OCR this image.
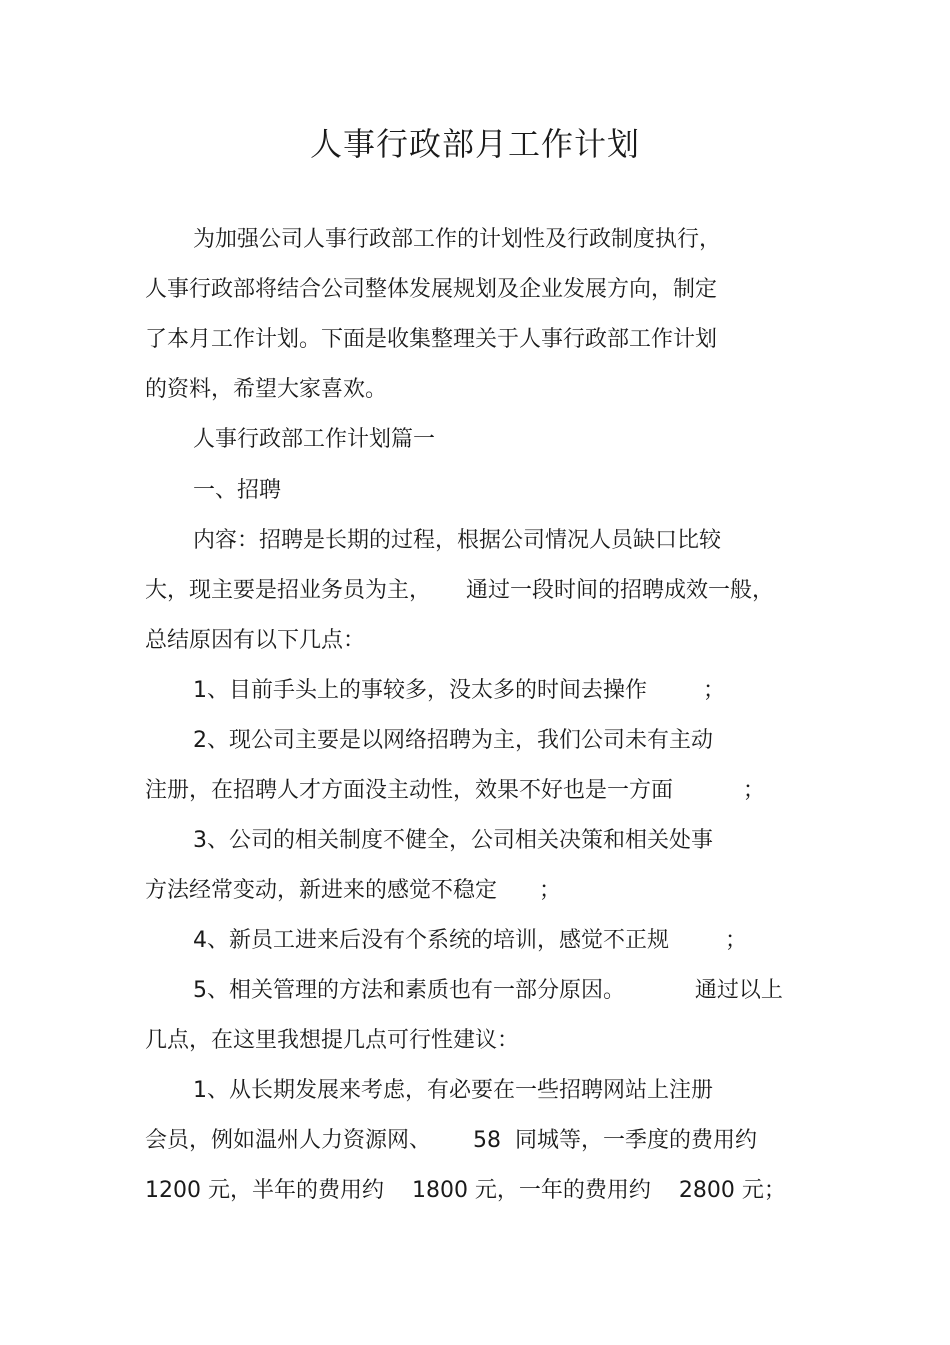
人事行政部月工作计划
为加强公司人事行政部工作的计划性及行政制度执行，
人事行政部将结合公司整体发展规划及企业发展方向，制定
了本月工作计划。下面是收集整理关于人事行政部工作计划
的资料，希望大家喜欢。
人事行政部工作计划篇一
一、招聘
内容：招聘是长期的过程，根据公司情况人员缺口比较
大，现主要是招业务员为主，     通过一段时间的招聘成效一般，
总结原因有以下几点：
1、目前手头上的事较多，没太多的时间去操作        ；
2、现公司主要是以网络招聘为主，我们公司未有主动
注册，在招聘人才方面没主动性，效果不好也是一方面          ；
3、公司的相关制度不健全，公司相关决策和相关处事
方法经常变动，新进来的感觉不稳定      ；
4、新员工进来后没有个系统的培训，感觉不正规        ；
5、相关管理的方法和素质也有一部分原因。          通过以上
几点，在这里我想提几点可行性建议：
1、从长期发展来考虑，有必要在一些招聘网站上注册
会员，例如温州人力资源网、      58  同城等，一季度的费用约
1200 元，半年的费用约    1800 元，一年的费用约    2800 元；
